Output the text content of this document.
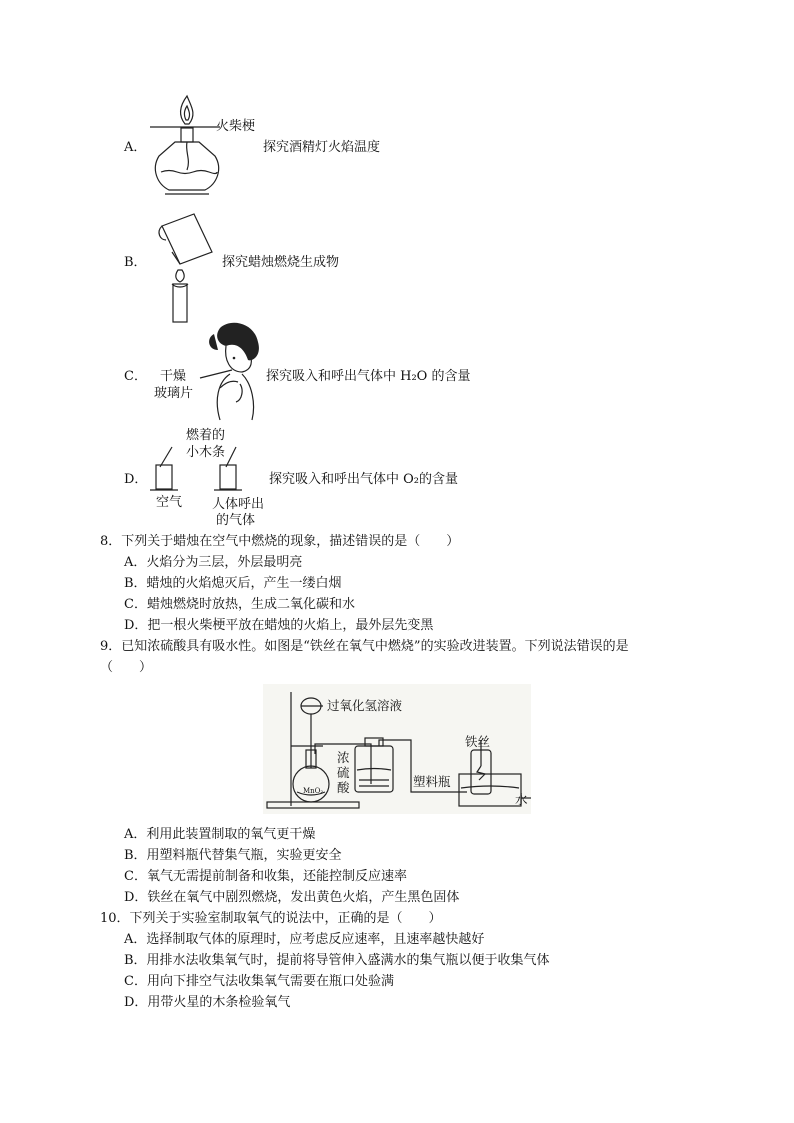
火柴梗
A．	探究酒精灯火焰温度
B．	探究蜡烛燃烧生成物
干燥
玻璃片
C．	探究吸入和呼出气体中 H₂O 的含量
燃着的
小木条
D．	探究吸入和呼出气体中 O₂的含量
空气 人体呼出
的气体
8．下列关于蜡烛在空气中燃烧的现象，描述错误的是（　　）
A．火焰分为三层，外层最明亮
B．蜡烛的火焰熄灭后，产生一缕白烟
C．蜡烛燃烧时放热，生成二氧化碳和水
D．把一根火柴梗平放在蜡烛的火焰上，最外层先变黑
9．已知浓硫酸具有吸水性。如图是“铁丝在氧气中燃烧”的实验改进装置。下列说法错误的是
（　　）
过氧化氢溶液
浓
硫
酸
铁丝
塑料瓶
水
MnO₂
A．利用此装置制取的氧气更干燥
B．用塑料瓶代替集气瓶，实验更安全
C．氧气无需提前制备和收集，还能控制反应速率
D．铁丝在氧气中剧烈燃烧，发出黄色火焰，产生黑色固体
10．下列关于实验室制取氧气的说法中，正确的是（　　）
A．选择制取气体的原理时，应考虑反应速率，且速率越快越好
B．用排水法收集氧气时，提前将导管伸入盛满水的集气瓶以便于收集气体
C．用向下排空气法收集氧气需要在瓶口处验满
D．用带火星的木条检验氧气
